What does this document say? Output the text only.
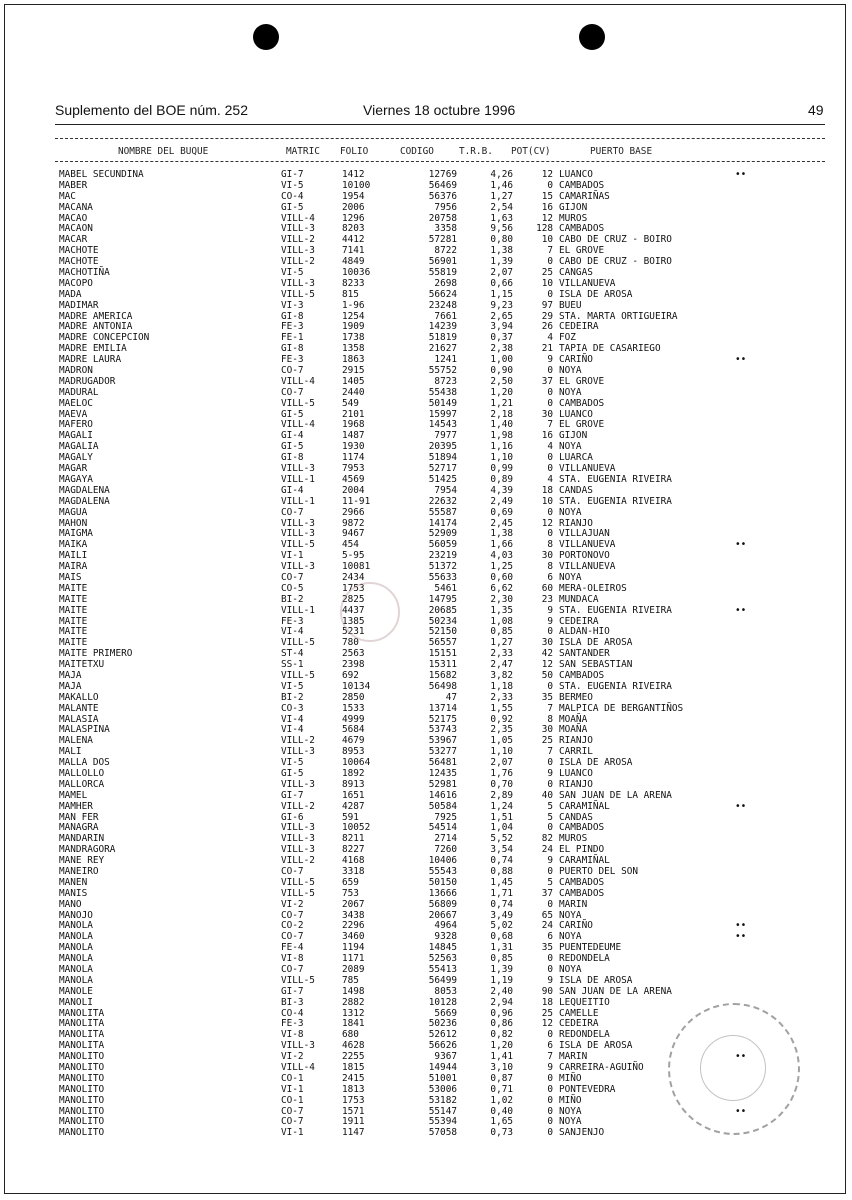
Suplemento del BOE núm. 252	Viernes 18 octubre 1996	49
NOMBRE DEL BUQUE	MATRIC FOLIO	CODIGO	T.R.B. POT(CV)	PUERTO BASE
MABEL SECUNDINA	GI-7	1412	12769	4,26	12 LUANCO	••
MABER	VI-5	10100	56469	1,46	0 CAMBADOS
MAC	CO-4	1954	56376	1,27	15 CAMARIÑAS
MACANA	GI-5	2006	7956	2,54	16 GIJON
MACAO	VILL-4	1296	20758	1,63	12 MUROS
MACAON	VILL-3	8203	3358	9,56	128 CAMBADOS
MACAR	VILL-2	4412	57281	0,80	10 CABO DE CRUZ - BOIRO
MACHOTE	VILL-3	7141	8722	1,38	7 EL GROVE
MACHOTE	VILL-2	4849	56901	1,39	0 CABO DE CRUZ - BOIRO
MACHOTIÑA	VI-5	10036	55819	2,07	25 CANGAS
MACOPO	VILL-3	8233	2698	0,66	10 VILLANUEVA
MADA	VILL-5	815	56624	1,15	0 ISLA DE AROSA
MADIMAR	VI-3	1-96	23248	9,23	97 BUEU
MADRE AMERICA	GI-8	1254	7661	2,65	29 STA. MARTA ORTIGUEIRA
MADRE ANTONIA	FE-3	1909	14239	3,94	26 CEDEIRA
MADRE CONCEPCION	FE-1	1738	51819	0,37	4 FOZ
MADRE EMILIA	GI-8	1358	21627	2,38	21 TAPIA DE CASARIEGO
MADRE LAURA	FE-3	1863	1241	1,00	9 CARIÑO	••
MADRON	CO-7	2915	55752	0,90	0 NOYA
MADRUGADOR	VILL-4	1405	8723	2,50	37 EL GROVE
MADURAL	CO-7	2440	55438	1,20	0 NOYA
MAELOC	VILL-5	549	50149	1,21	0 CAMBADOS
MAEVA	GI-5	2101	15997	2,18	30 LUANCO
MAFERO	VILL-4	1968	14543	1,40	7 EL GROVE
MAGALI	GI-4	1487	7977	1,98	16 GIJON
MAGALIA	GI-5	1930	20395	1,16	4 NOYA
MAGALY	GI-8	1174	51894	1,10	0 LUARCA
MAGAR	VILL-3	7953	52717	0,99	0 VILLANUEVA
MAGAYA	VILL-1	4569	51425	0,89	4 STA. EUGENIA RIVEIRA
MAGDALENA	GI-4	2004	7954	4,39	18 CANDAS
MAGDALENA	VILL-1	11-91	22632	2,49	10 STA. EUGENIA RIVEIRA
MAGUA	CO-7	2966	55587	0,69	0 NOYA
MAHON	VILL-3	9872	14174	2,45	12 RIANJO
MAIGMA	VILL-3	9467	52909	1,38	0 VILLAJUAN
MAIKA	VILL-5	454	56059	1,66	8 VILLANUEVA	••
MAILI	VI-1	5-95	23219	4,03	30 PORTONOVO
MAIRA	VILL-3	10081	51372	1,25	8 VILLANUEVA
MAIS	CO-7	2434	55633	0,60	6 NOYA
MAITE	CO-5	1753	5461	6,62	60 MERA-OLEIROS
MAITE	BI-2	2825	14795	2,30	23 MUNDACA
MAITE	VILL-1	4437	20685	1,35	9 STA. EUGENIA RIVEIRA	••
MAITE	FE-3	1385	50234	1,08	9 CEDEIRA
MAITE	VI-4	5231	52150	0,85	0 ALDAN-HIO
MAITE	VILL-5	780	56557	1,27	30 ISLA DE AROSA
MAITE PRIMERO	ST-4	2563	15151	2,33	42 SANTANDER
MAITETXU	SS-1	2398	15311	2,47	12 SAN SEBASTIAN
MAJA	VILL-5	692	15682	3,82	50 CAMBADOS
MAJA	VI-5	10134	56498	1,18	0 STA. EUGENIA RIVEIRA
MAKALLO	BI-2	2850	47	2,33	35 BERMEO
MALANTE	CO-3	1533	13714	1,55	7 MALPICA DE BERGANTIÑOS
MALASIA	VI-4	4999	52175	0,92	8 MOAÑA
MALASPINA	VI-4	5684	53743	2,35	30 MOAÑA
MALENA	VILL-2	4679	53967	1,05	25 RIANJO
MALI	VILL-3	8953	53277	1,10	7 CARRIL
MALLA DOS	VI-5	10064	56481	2,07	0 ISLA DE AROSA
MALLOLLO	GI-5	1892	12435	1,76	9 LUANCO
MALLORCA	VILL-3	8913	52981	0,70	0 RIANJO
MAMEL	GI-7	1651	14616	2,89	40 SAN JUAN DE LA ARENA
MAMHER	VILL-2	4287	50584	1,24	5 CARAMIÑAL	••
MAN FER	GI-6	591	7925	1,51	5 CANDAS
MANAGRA	VILL-3	10052	54514	1,04	0 CAMBADOS
MANDARIN	VILL-3	8211	2714	5,52	82 MUROS
MANDRAGORA	VILL-3	8227	7260	3,54	24 EL PINDO
MANE REY	VILL-2	4168	10406	0,74	9 CARAMIÑAL
MANEIRO	CO-7	3318	55543	0,88	0 PUERTO DEL SON
MANEN	VILL-5	659	50150	1,45	5 CAMBADOS
MANIS	VILL-5	753	13666	1,71	37 CAMBADOS
MANO	VI-2	2067	56809	0,74	0 MARIN
MANOJO	CO-7	3438	20667	3,49	65 NOYA
MANOLA	CO-2	2296	4964	5,02	24 CARIÑO	••
MANOLA	CO-7	3460	9328	0,68	6 NOYA	••
MANOLA	FE-4	1194	14845	1,31	35 PUENTEDEUME
MANOLA	VI-8	1171	52563	0,85	0 REDONDELA
MANOLA	CO-7	2089	55413	1,39	0 NOYA
MANOLA	VILL-5	785	56499	1,19	9 ISLA DE AROSA
MANOLE	GI-7	1498	8053	2,40	90 SAN JUAN DE LA ARENA
MANOLI	BI-3	2882	10128	2,94	18 LEQUEITIO
MANOLITA	CO-4	1312	5669	0,96	25 CAMELLE
MANOLITA	FE-3	1841	50236	0,86	12 CEDEIRA
MANOLITA	VI-8	680	52612	0,82	0 REDONDELA
MANOLITA	VILL-3	4628	56626	1,20	6 ISLA DE AROSA
MANOLITO	VI-2	2255	9367	1,41	7 MARIN	••
MANOLITO	VILL-4	1815	14944	3,10	9 CARREIRA-AGUIÑO
MANOLITO	CO-1	2415	51001	0,87	0 MIÑO
MANOLITO	VI-1	1813	53006	0,71	0 PONTEVEDRA
MANOLITO	CO-1	1753	53182	1,02	0 MIÑO
MANOLITO	CO-7	1571	55147	0,40	0 NOYA	••
MANOLITO	CO-7	1911	55394	1,65	0 NOYA
MANOLITO	VI-1	1147	57058	0,73	0 SANJENJO
